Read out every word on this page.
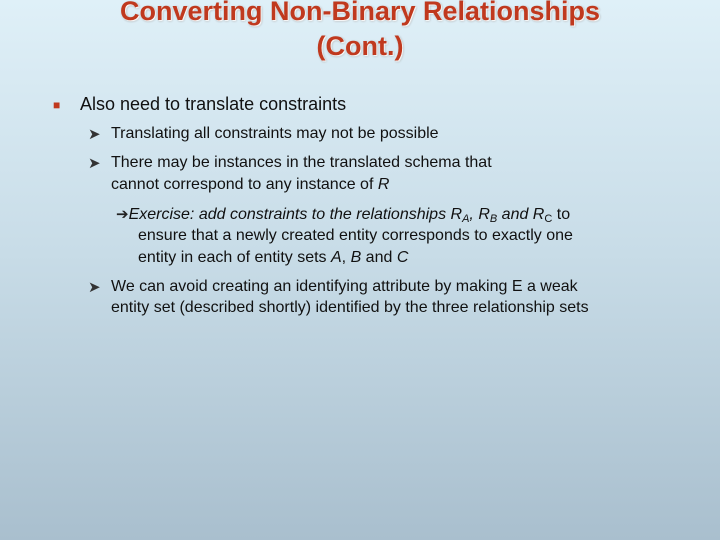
Converting Non-Binary Relationships
(Cont.)
■ Also need to translate constraints
➤ Translating all constraints may not be possible
➤ There may be instances in the translated schema that
cannot correspond to any instance of R
➔Exercise: add constraints to the relationships $R_A$, $R_B$ and $R_C$ to
ensure that a newly created entity corresponds to exactly one
entity in each of entity sets A, B and C
➤ We can avoid creating an identifying attribute by making E a weak
entity set (described shortly) identified by the three relationship sets
